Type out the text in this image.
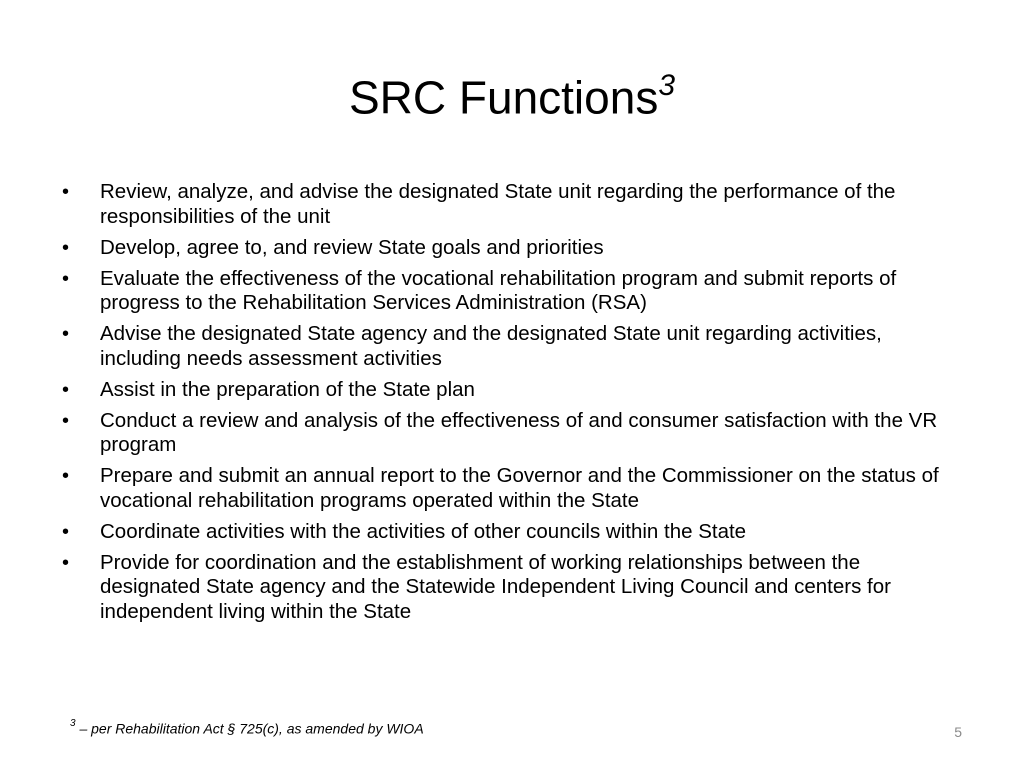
SRC Functions$^3$
• Review, analyze, and advise the designated State unit regarding the performance of the responsibilities of the unit
• Develop, agree to, and review State goals and priorities
• Evaluate the effectiveness of the vocational rehabilitation program and submit reports of progress to the Rehabilitation Services Administration (RSA)
• Advise the designated State agency and the designated State unit regarding activities, including needs assessment activities
• Assist in the preparation of the State plan
• Conduct a review and analysis of the effectiveness of and consumer satisfaction with the VR program
• Prepare and submit an annual report to the Governor and the Commissioner on the status of vocational rehabilitation programs operated within the State
• Coordinate activities with the activities of other councils within the State
• Provide for coordination and the establishment of working relationships between the designated State agency and the Statewide Independent Living Council and centers for independent living within the State
$^3$ – per Rehabilitation Act § 725(c), as amended by WIOA	5
